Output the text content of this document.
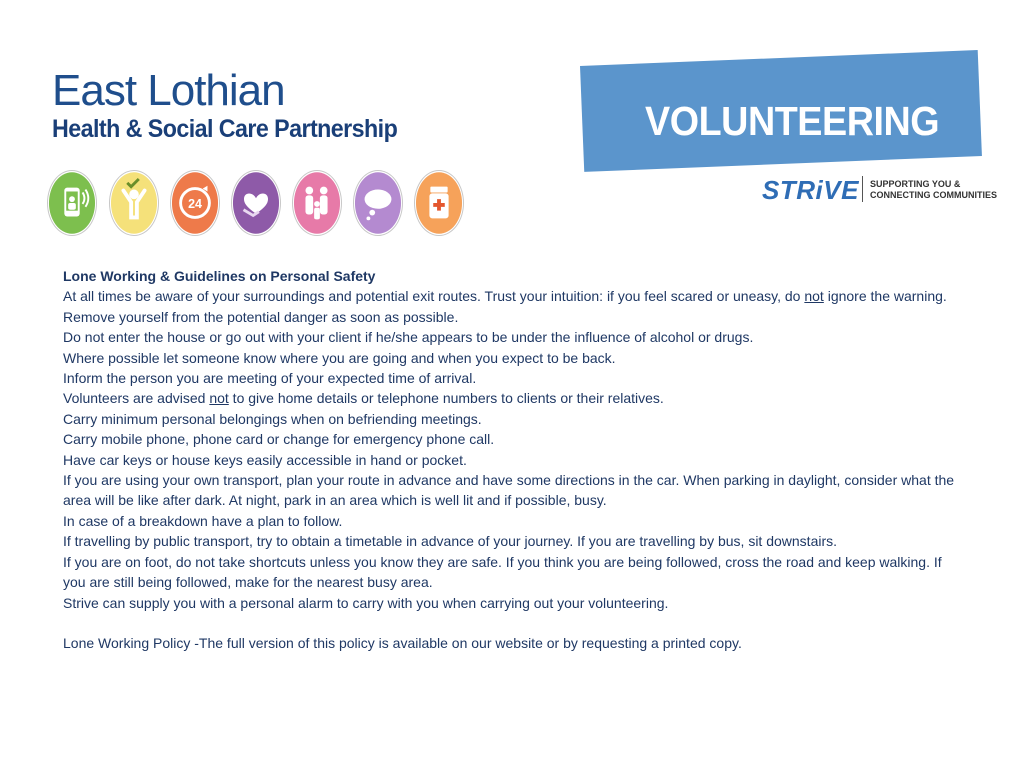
East Lothian
Health & Social Care Partnership
24
VOLUNTEERING
STRiVE SUPPORTING YOU &
CONNECTING COMMUNITIES

Lone Working & Guidelines on Personal Safety

At all times be aware of your surroundings and potential exit routes. Trust your intuition: if you feel scared or uneasy, do not ignore the warning. Remove yourself from the potential danger as soon as possible.

Do not enter the house or go out with your client if he/she appears to be under the influence of alcohol or drugs.

Where possible let someone know where you are going and when you expect to be back.

Inform the person you are meeting of your expected time of arrival.

Volunteers are advised not to give home details or telephone numbers to clients or their relatives.

Carry minimum personal belongings when on befriending meetings.

Carry mobile phone, phone card or change for emergency phone call.

Have car keys or house keys easily accessible in hand or pocket.

If you are using your own transport, plan your route in advance and have some directions in the car. When parking in daylight, consider what the area will be like after dark. At night, park in an area which is well lit and if possible, busy.

In case of a breakdown have a plan to follow.

If travelling by public transport, try to obtain a timetable in advance of your journey. If you are travelling by bus, sit downstairs.

If you are on foot, do not take shortcuts unless you know they are safe. If you think you are being followed, cross the road and keep walking. If you are still being followed, make for the nearest busy area.

Strive can supply you with a personal alarm to carry with you when carrying out your volunteering.

Lone Working Policy -The full version of this policy is available on our website or by requesting a printed copy.
